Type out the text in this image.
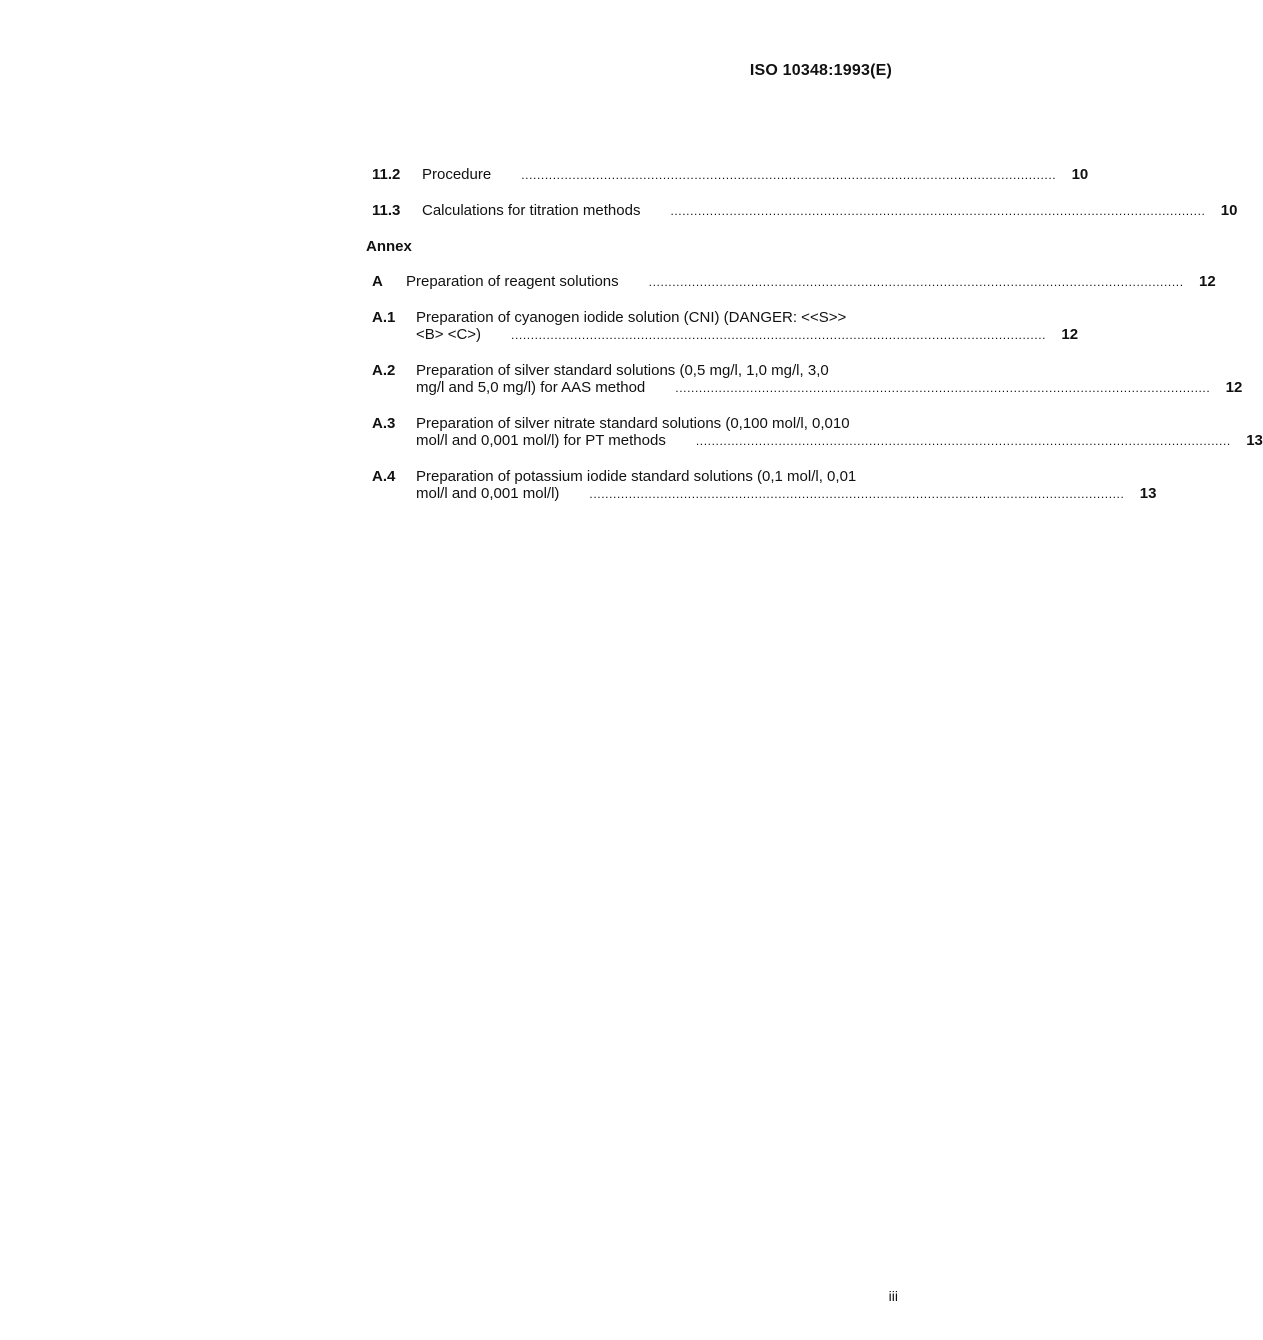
ISO 10348:1993(E)
11.2	Procedure	........................................................................................................................................ 10
11.3	Calculations for titration methods	........................................................................................................................................ 10
Annex
A	Preparation of reagent solutions	........................................................................................................................................ 12
A.1	Preparation of cyanogen iodide solution (CNI) (DANGER: <<S>>
<B> <C>)	........................................................................................................................................ 12
A.2	Preparation of silver standard solutions (0,5 mg/l, 1,0 mg/l, 3,0
mg/l and 5,0 mg/l) for AAS method	........................................................................................................................................ 12
A.3	Preparation of silver nitrate standard solutions (0,100 mol/l, 0,010
mol/l and 0,001 mol/l) for PT methods	........................................................................................................................................ 13
A.4	Preparation of potassium iodide standard solutions (0,1 mol/l, 0,01
mol/l and 0,001 mol/l)	........................................................................................................................................ 13
iii
